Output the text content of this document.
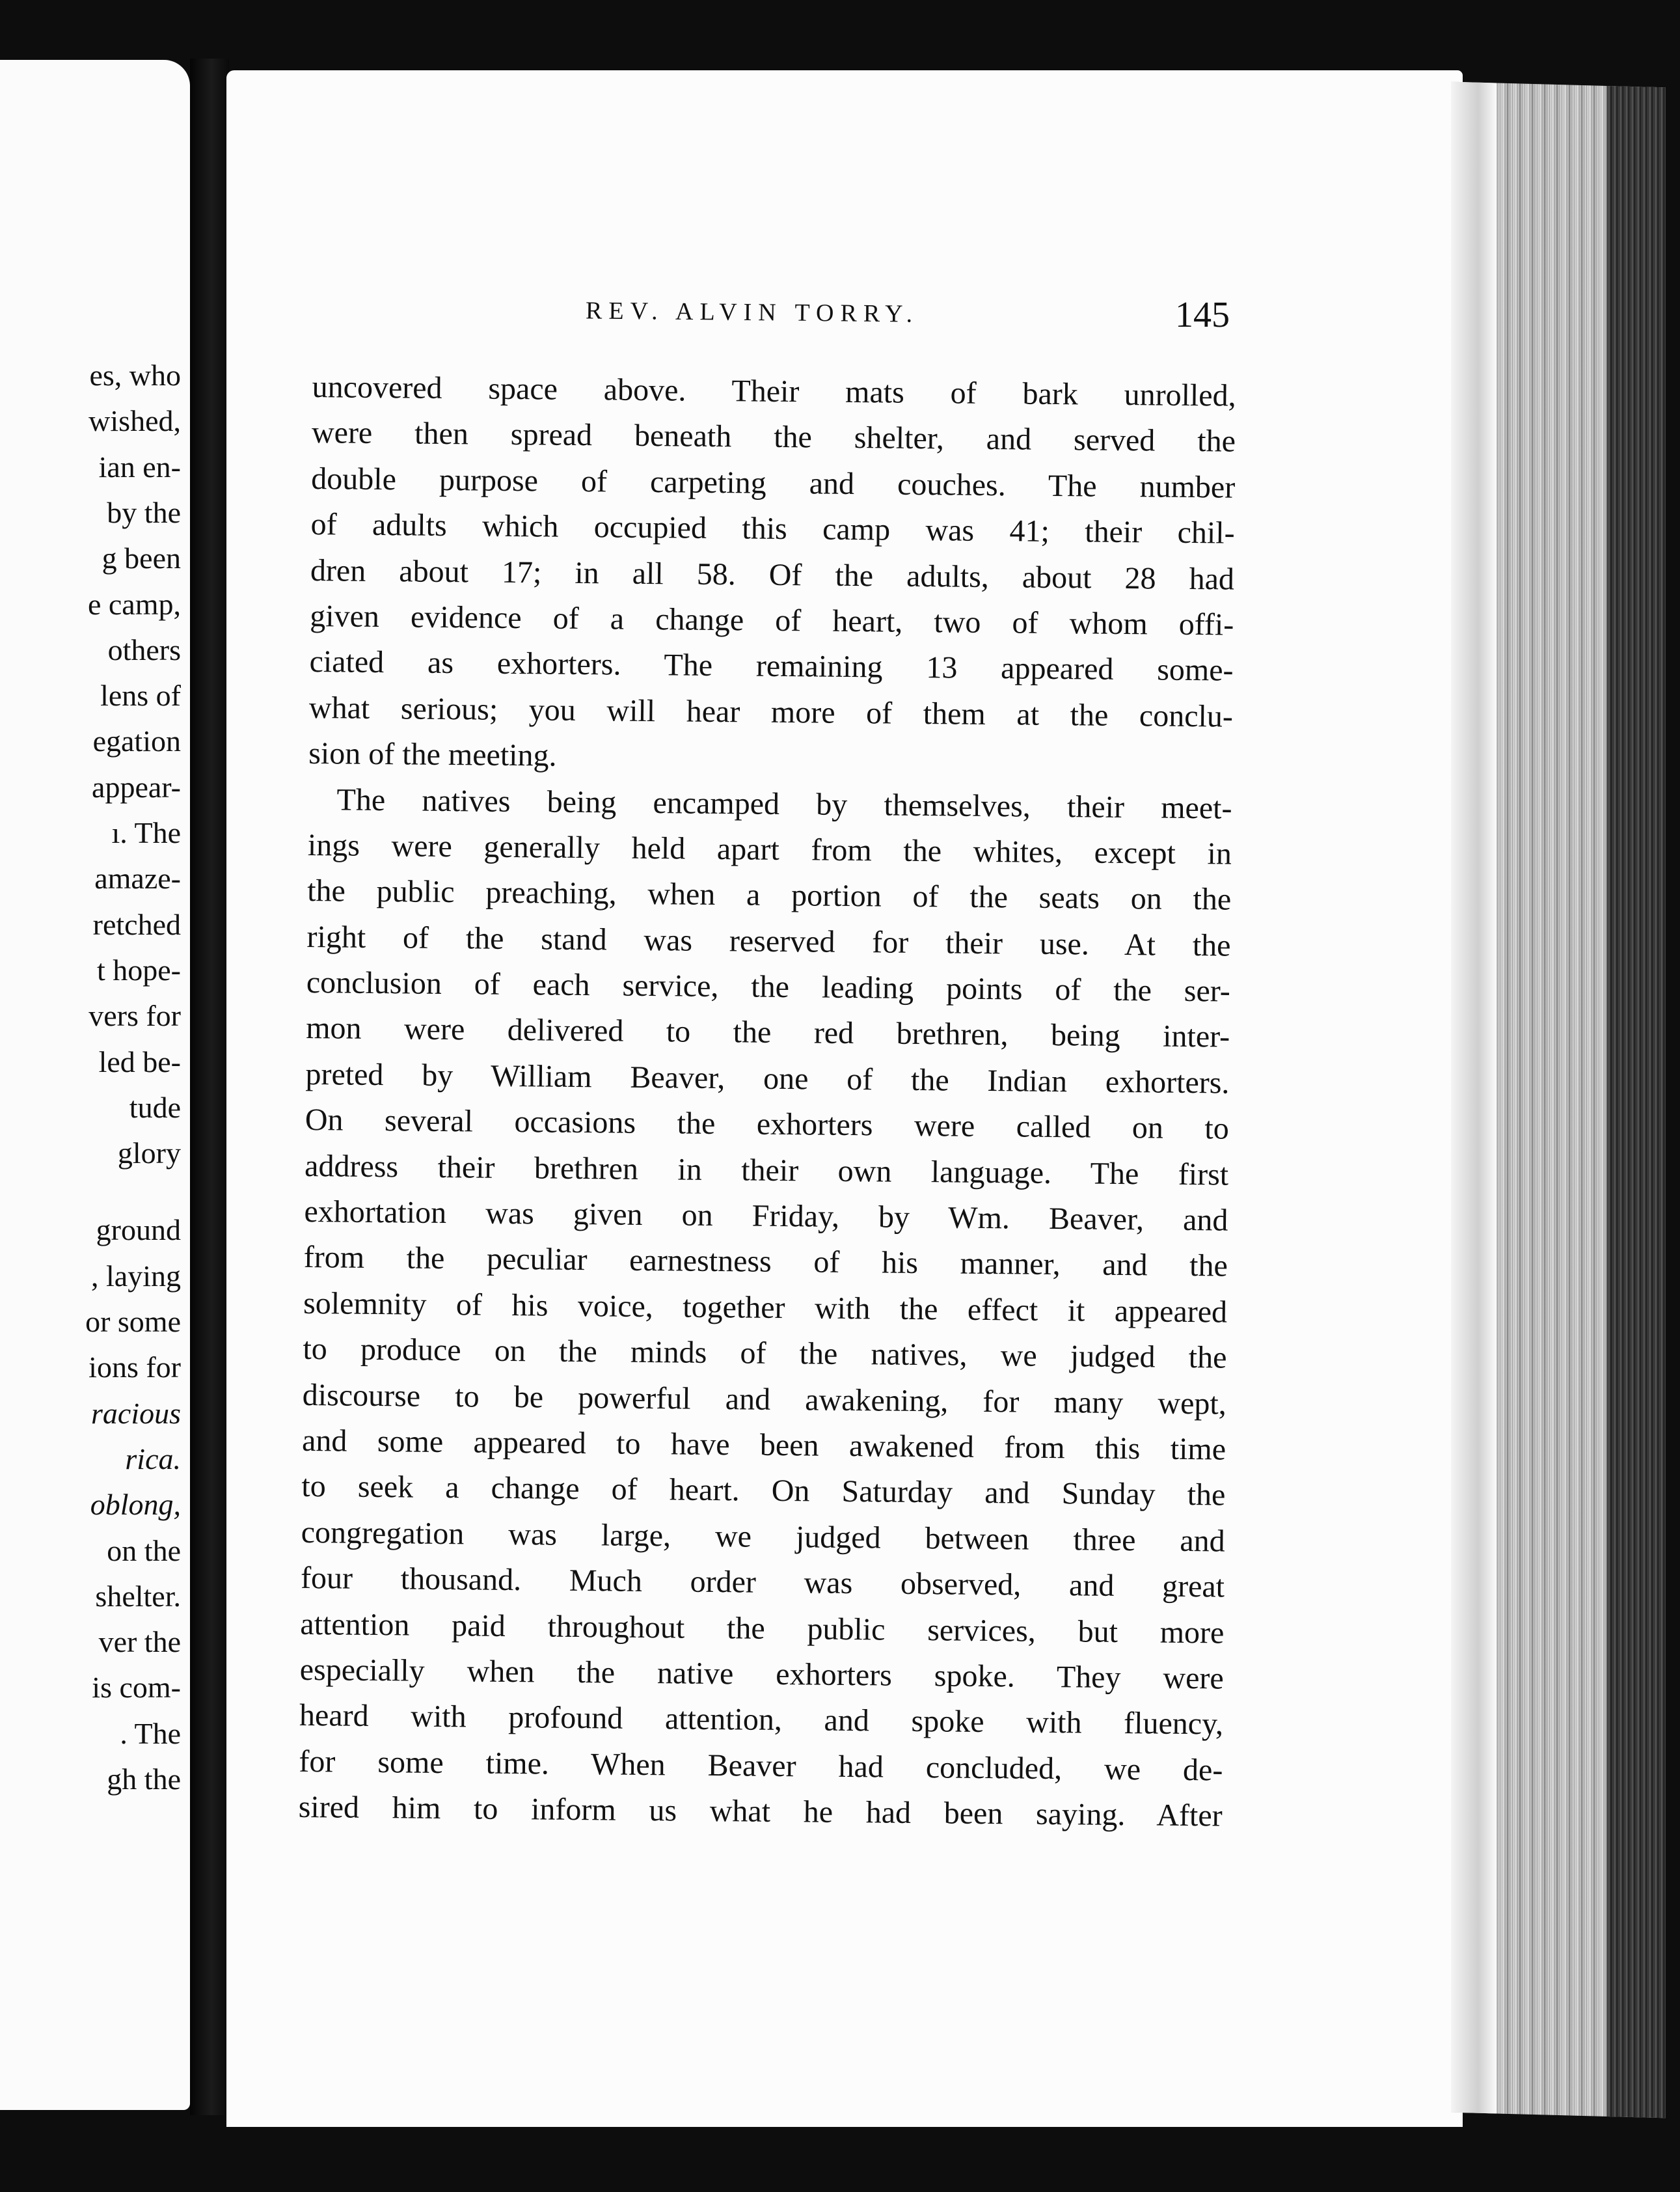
es, who
wished,
ian en-
by the
g been
e camp,
others
lens of
egation
appear-
ı. The
amaze-
retched
t hope-
vers for
led be-
tude
glory
ground
, laying
or some
ions for
racious
rica.
oblong,
on the
shelter.
ver the
is com-
. The
gh the
REV. ALVIN TORRY.	145
uncovered space above. Their mats of bark unrolled,
were then spread beneath the shelter, and served the
double purpose of carpeting and couches. The number
of adults which occupied this camp was 41; their chil-
dren about 17; in all 58. Of the adults, about 28 had
given evidence of a change of heart, two of whom offi-
ciated as exhorters. The remaining 13 appeared some-
what serious; you will hear more of them at the conclu-
sion of the meeting.
The natives being encamped by themselves, their meet-
ings were generally held apart from the whites, except in
the public preaching, when a portion of the seats on the
right of the stand was reserved for their use. At the
conclusion of each service, the leading points of the ser-
mon were delivered to the red brethren, being inter-
preted by William Beaver, one of the Indian exhorters.
On several occasions the exhorters were called on to
address their brethren in their own language. The first
exhortation was given on Friday, by Wm. Beaver, and
from the peculiar earnestness of his manner, and the
solemnity of his voice, together with the effect it appeared
to produce on the minds of the natives, we judged the
discourse to be powerful and awakening, for many wept,
and some appeared to have been awakened from this time
to seek a change of heart. On Saturday and Sunday the
congregation was large, we judged between three and
four thousand. Much order was observed, and great
attention paid throughout the public services, but more
especially when the native exhorters spoke. They were
heard with profound attention, and spoke with fluency,
for some time. When Beaver had concluded, we de-
sired him to inform us what he had been saying. After
